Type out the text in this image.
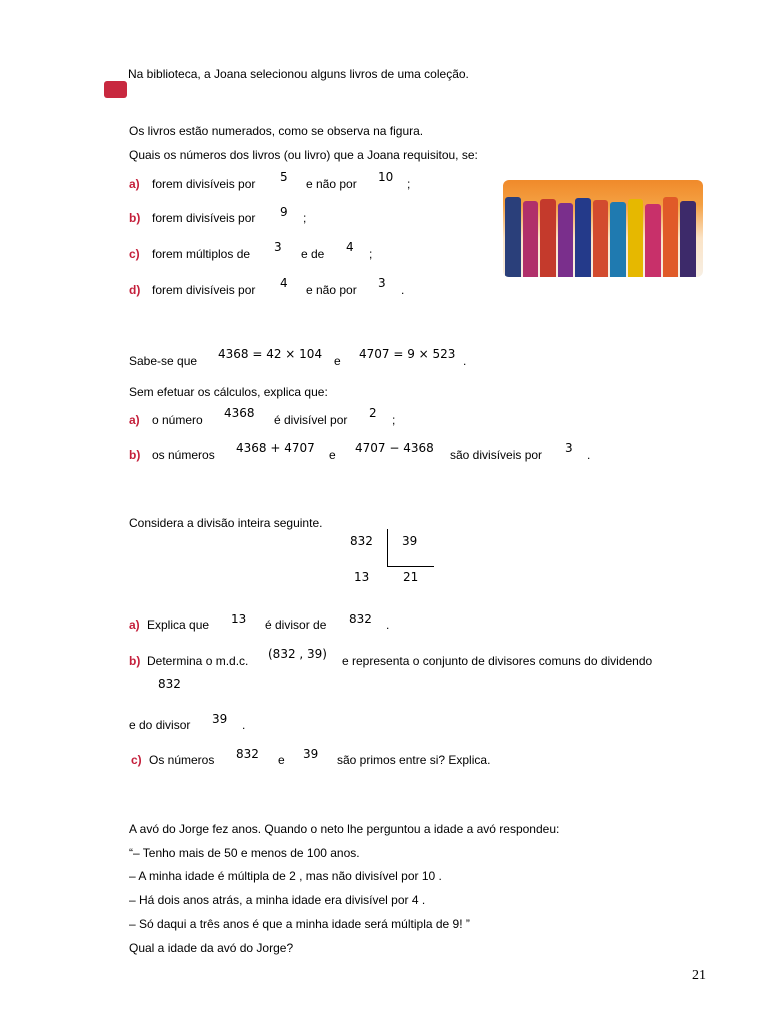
Na biblioteca, a Joana selecionou alguns livros de uma coleção.
Os livros estão numerados, como se observa na figura.
Quais os números dos livros (ou livro) que a Joana requisitou, se:
a) forem divisíveis por 5 e não por 10 ;
b) forem divisíveis por 9 ;
c) forem múltiplos de 3 e de 4 ;
d) forem divisíveis por 4 e não por 3 .
Sabe-se que 4368 = 42 × 104 e 4707 = 9 × 523 .
Sem efetuar os cálculos, explica que:
a) o número 4368 é divisível por 2 ;
b) os números 4368 + 4707 e 4707 − 4368 são divisíveis por 3 .
Considera a divisão inteira seguinte.
832 39
13	21
a) Explica que 13 é divisor de 832 .
b) Determina o m.d.c. (832 , 39) e representa o conjunto de divisores comuns do dividendo
832
e do divisor 39 .
c) Os números 832 e 39 são primos entre si? Explica.
A avó do Jorge fez anos. Quando o neto lhe perguntou a idade a avó respondeu:
“– Tenho mais de 50 e menos de 100 anos.
– A minha idade é múltipla de 2 , mas não divisível por 10 .
– Há dois anos atrás, a minha idade era divisível por 4 .
– Só daqui a três anos é que a minha idade será múltipla de 9! ”
Qual a idade da avó do Jorge?
21
